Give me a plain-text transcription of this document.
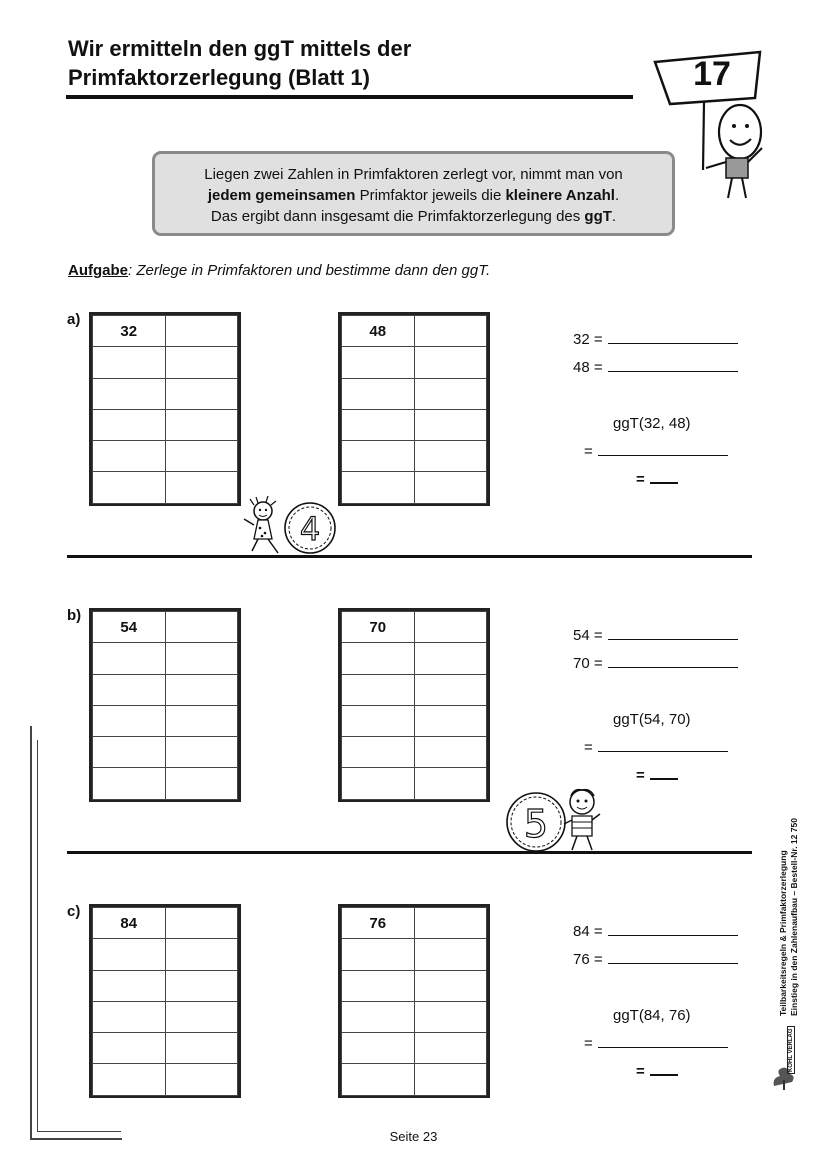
Wir ermitteln den ggT mittels der
Primfaktorzerlegung (Blatt 1)	17
Liegen zwei Zahlen in Primfaktoren zerlegt vor, nimmt man von
jedem gemeinsamen Primfaktor jeweils die kleinere Anzahl.
Das ergibt dann insgesamt die Primfaktorzerlegung des ggT.
Aufgabe: Zerlege in Primfaktoren und bestimme dann den ggT.
a)
32	

		48	

		32 =
48 =
ggT(32, 48)
=
=
4
b)
54	

		70	

		54 =
70 =
ggT(54, 70)
=
=
5
c)
84	

		76	

		84 =
76 =
ggT(84, 76)
=
=
Teilbarkeitsregeln & Primfaktorzerlegung Einstieg in den Zahlenaufbau – Bestell-Nr. 12 750
KOHL VERLAG
Seite 23
